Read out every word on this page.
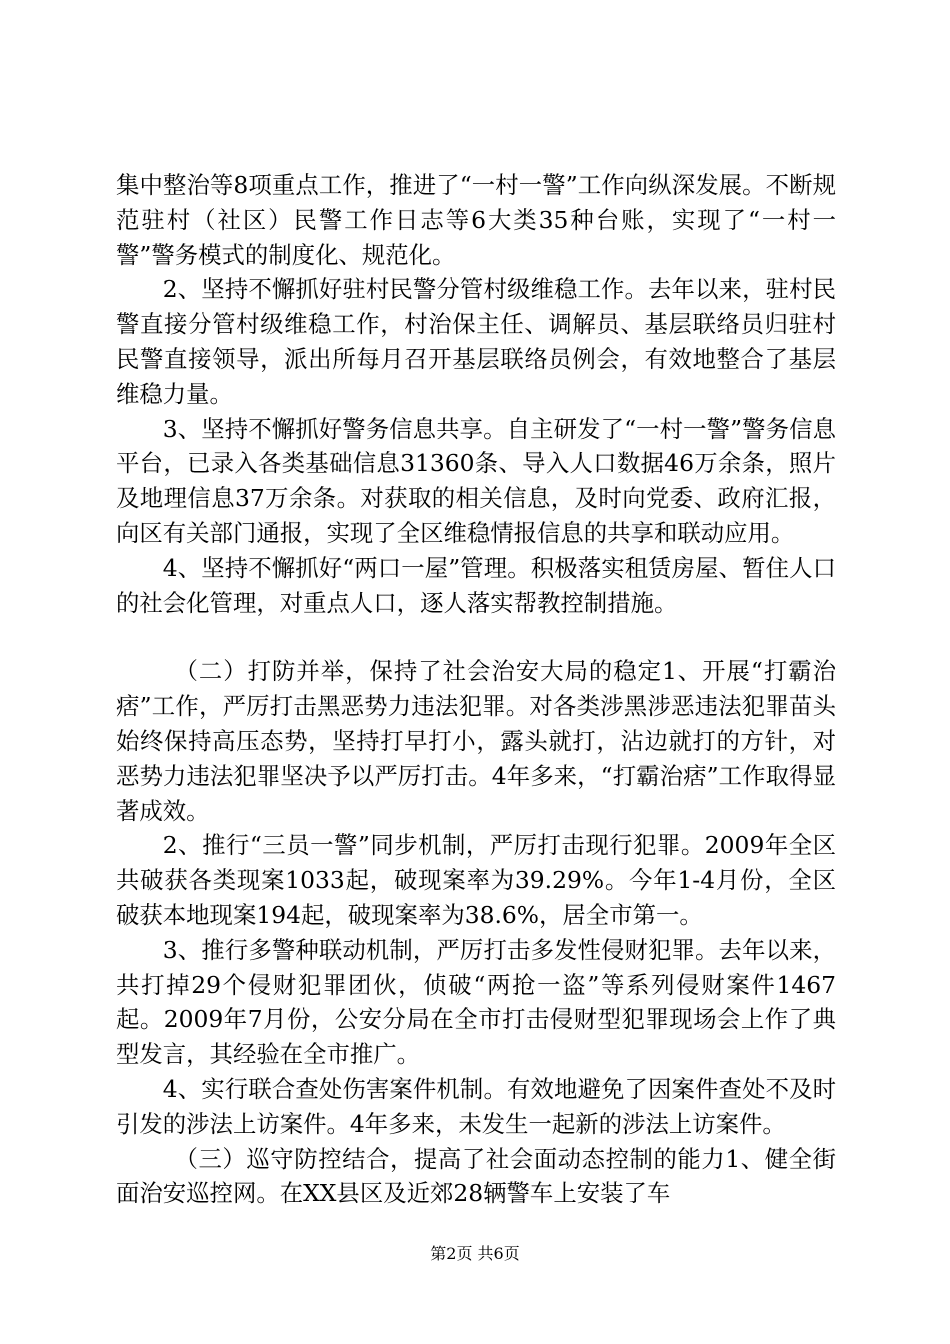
集中整治等8项重点工作，推进了“一村一警”工作向纵深发展。不断规范驻村（社区）民警工作日志等6大类35种台账，实现了“一村一警”警务模式的制度化、规范化。

2、坚持不懈抓好驻村民警分管村级维稳工作。去年以来，驻村民警直接分管村级维稳工作，村治保主任、调解员、基层联络员归驻村民警直接领导，派出所每月召开基层联络员例会，有效地整合了基层维稳力量。

3、坚持不懈抓好警务信息共享。自主研发了“一村一警”警务信息平台，已录入各类基础信息31360条、导入人口数据46万余条，照片及地理信息37万余条。对获取的相关信息，及时向党委、政府汇报，向区有关部门通报，实现了全区维稳情报信息的共享和联动应用。

4、坚持不懈抓好“两口一屋”管理。积极落实租赁房屋、暂住人口的社会化管理，对重点人口，逐人落实帮教控制措施。

（二）打防并举，保持了社会治安大局的稳定1、开展“打霸治痞”工作，严厉打击黑恶势力违法犯罪。对各类涉黑涉恶违法犯罪苗头始终保持高压态势，坚持打早打小，露头就打，沾边就打的方针，对恶势力违法犯罪坚决予以严厉打击。4年多来，“打霸治痞”工作取得显著成效。

2、推行“三员一警”同步机制，严厉打击现行犯罪。2009年全区共破获各类现案1033起，破现案率为39.29%。今年1-4月份，全区破获本地现案194起，破现案率为38.6%，居全市第一。

3、推行多警种联动机制，严厉打击多发性侵财犯罪。去年以来，共打掉29个侵财犯罪团伙，侦破“两抢一盗”等系列侵财案件1467起。2009年7月份，公安分局在全市打击侵财型犯罪现场会上作了典型发言，其经验在全市推广。

4、实行联合查处伤害案件机制。有效地避免了因案件查处不及时引发的涉法上访案件。4年多来，未发生一起新的涉法上访案件。

（三）巡守防控结合，提高了社会面动态控制的能力1、健全街面治安巡控网。在XX县区及近郊28辆警车上安装了车

第2页 共6页
